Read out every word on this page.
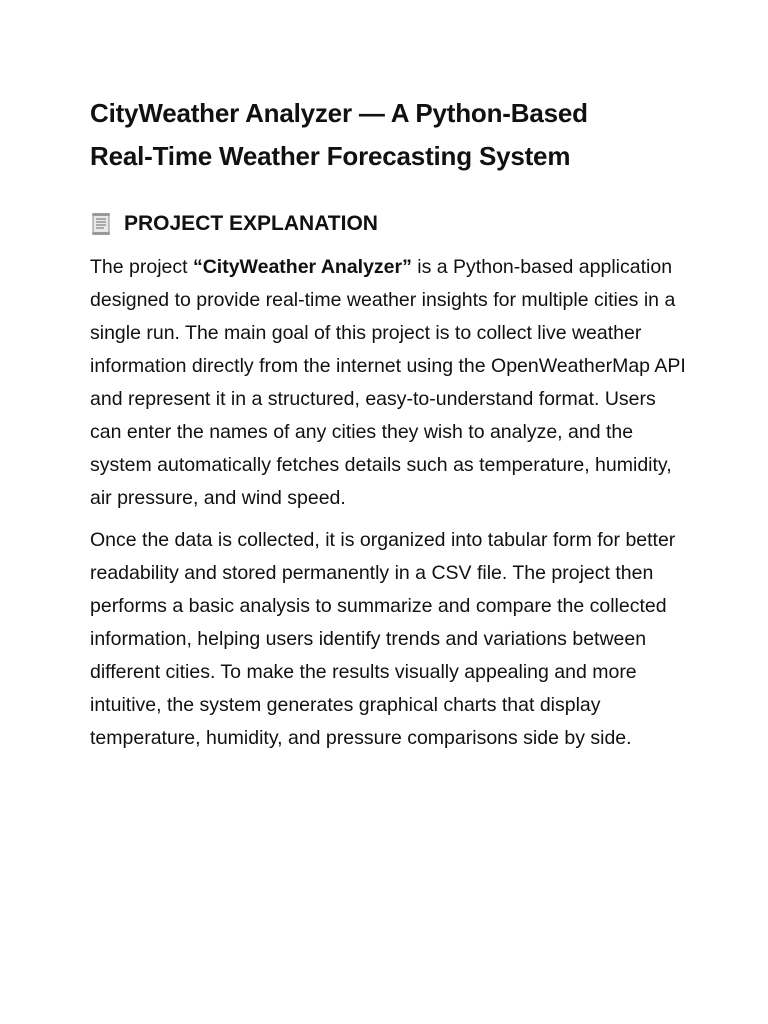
CityWeather Analyzer — A Python-Based
Real-Time Weather Forecasting System
PROJECT EXPLANATION

The project “CityWeather Analyzer” is a Python-based application designed to provide real-time weather insights for multiple cities in a single run. The main goal of this project is to collect live weather information directly from the internet using the OpenWeatherMap API and represent it in a structured, easy-to-understand format. Users can enter the names of any cities they wish to analyze, and the system automatically fetches details such as temperature, humidity, air pressure, and wind speed.

Once the data is collected, it is organized into tabular form for better readability and stored permanently in a CSV file. The project then performs a basic analysis to summarize and compare the collected information, helping users identify trends and variations between different cities. To make the results visually appealing and more intuitive, the system generates graphical charts that display temperature, humidity, and pressure comparisons side by side.
